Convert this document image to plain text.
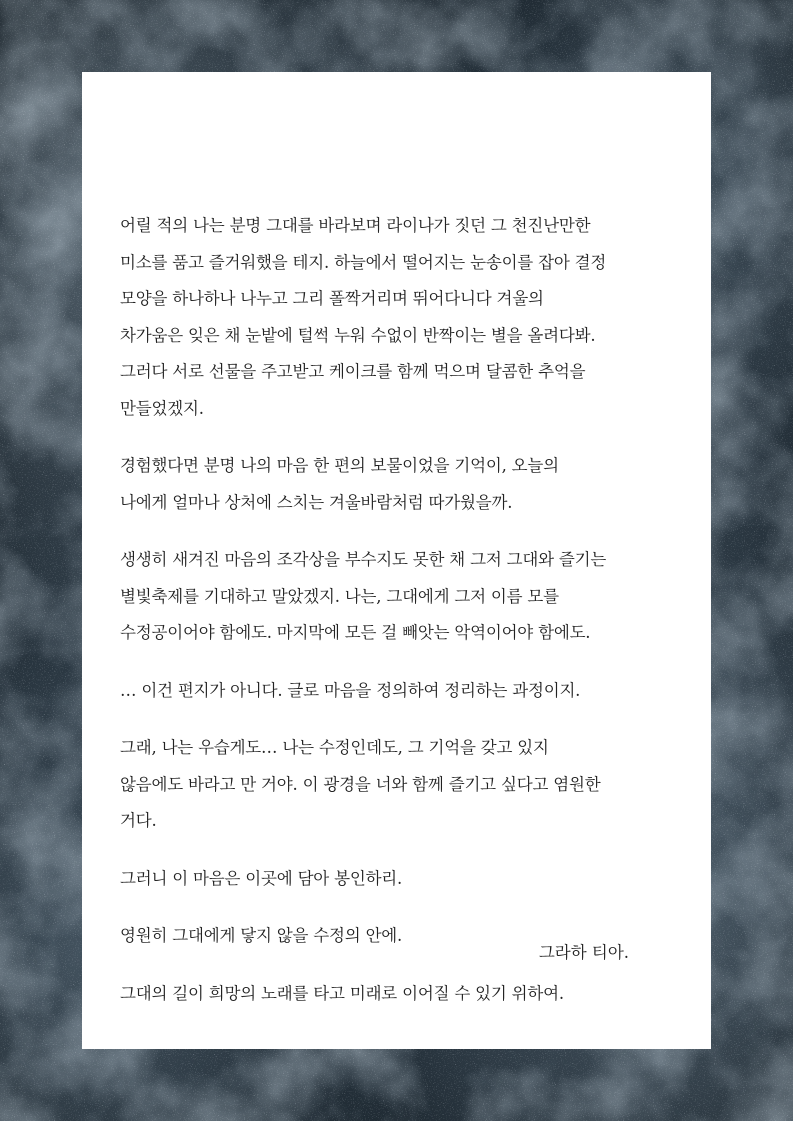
어릴 적의 나는 분명 그대를 바라보며 라이나가 짓던 그 천진난만한
미소를 품고 즐거워했을 테지. 하늘에서 떨어지는 눈송이를 잡아 결정
모양을 하나하나 나누고 그리 폴짝거리며 뛰어다니다 겨울의
차가움은 잊은 채 눈밭에 털썩 누워 수없이 반짝이는 별을 올려다봐.
그러다 서로 선물을 주고받고 케이크를 함께 먹으며 달콤한 추억을
만들었겠지.

경험했다면 분명 나의 마음 한 편의 보물이었을 기억이, 오늘의
나에게 얼마나 상처에 스치는 겨울바람처럼 따가웠을까.

생생히 새겨진 마음의 조각상을 부수지도 못한 채 그저 그대와 즐기는
별빛축제를 기대하고 말았겠지. 나는, 그대에게 그저 이름 모를
수정공이어야 함에도. 마지막에 모든 걸 빼앗는 악역이어야 함에도.

… 이건 편지가 아니다. 글로 마음을 정의하여 정리하는 과정이지.

그래, 나는 우습게도… 나는 수정인데도, 그 기억을 갖고 있지
않음에도 바라고 만 거야. 이 광경을 너와 함께 즐기고 싶다고 염원한
거다.

그러니 이 마음은 이곳에 담아 봉인하리.

영원히 그대에게 닿지 않을 수정의 안에.

그대의 길이 희망의 노래를 타고 미래로 이어질 수 있기 위하여.

그라하 티아.
